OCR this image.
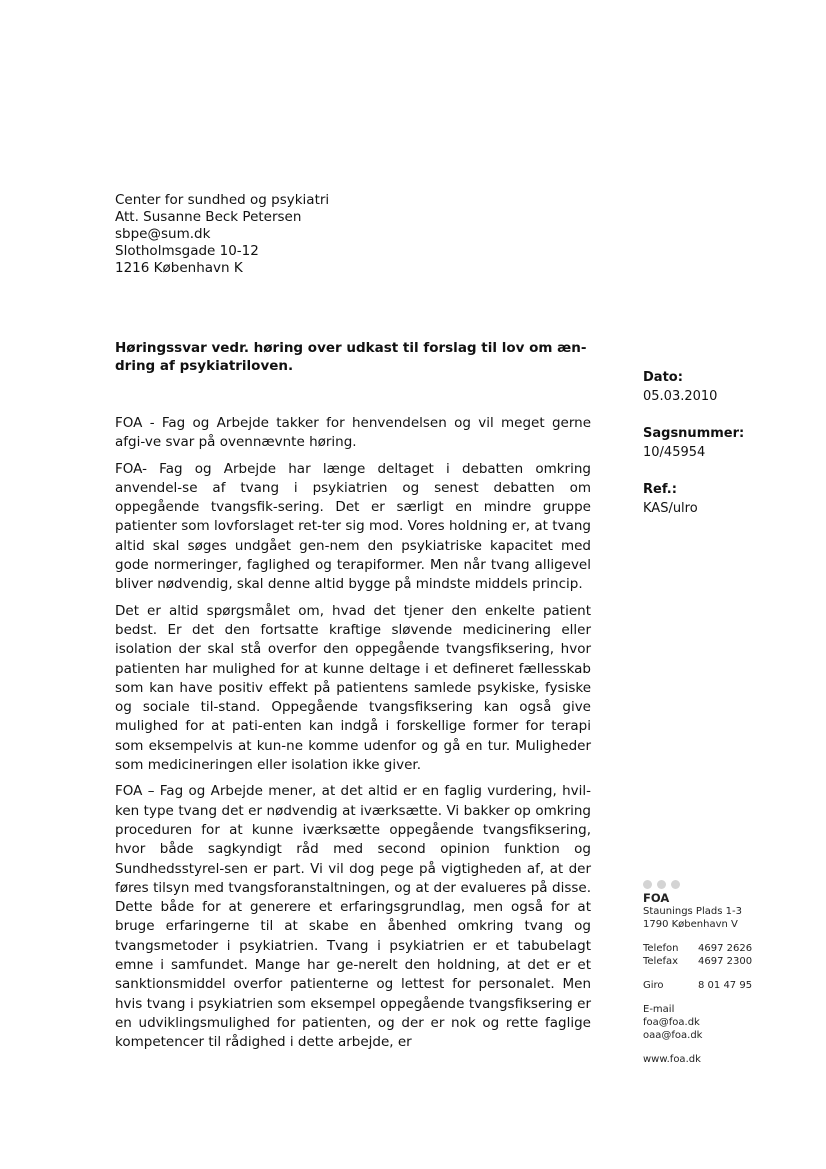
Center for sundhed og psykiatri
Att. Susanne Beck Petersen
sbpe@sum.dk
Slotholmsgade 10-12
1216 København K
Høringssvar vedr. høring over udkast til forslag til lov om æn-dring af psykiatriloven.

FOA - Fag og Arbejde takker for henvendelsen og vil meget gerne afgi-ve svar på ovennævnte høring.

FOA- Fag og Arbejde har længe deltaget i debatten omkring anvendel-se af tvang i psykiatrien og senest debatten om oppegående tvangsfik-sering. Det er særligt en mindre gruppe patienter som lovforslaget ret-ter sig mod. Vores holdning er, at tvang altid skal søges undgået gen-nem den psykiatriske kapacitet med gode normeringer, faglighed og terapiformer. Men når tvang alligevel bliver nødvendig, skal denne altid bygge på mindste middels princip.

Det er altid spørgsmålet om, hvad det tjener den enkelte patient bedst. Er det den fortsatte kraftige sløvende medicinering eller isolation der skal stå overfor den oppegående tvangsfiksering, hvor patienten har mulighed for at kunne deltage i et defineret fællesskab som kan have positiv effekt på patientens samlede psykiske, fysiske og sociale til-stand. Oppegående tvangsfiksering kan også give mulighed for at pati-enten kan indgå i forskellige former for terapi som eksempelvis at kun-ne komme udenfor og gå en tur. Muligheder som medicineringen eller isolation ikke giver.

FOA – Fag og Arbejde mener, at det altid er en faglig vurdering, hvil-ken type tvang det er nødvendig at iværksætte. Vi bakker op omkring proceduren for at kunne iværksætte oppegående tvangsfiksering, hvor både sagkyndigt råd med second opinion funktion og Sundhedsstyrel-sen er part. Vi vil dog pege på vigtigheden af, at der føres tilsyn med tvangsforanstaltningen, og at der evalueres på disse. Dette både for at generere et erfaringsgrundlag, men også for at bruge erfaringerne til at skabe en åbenhed omkring tvang og tvangsmetoder i psykiatrien. Tvang i psykiatrien er et tabubelagt emne i samfundet. Mange har ge-nerelt den holdning, at det er et sanktionsmiddel overfor patienterne og lettest for personalet. Men hvis tvang i psykiatrien som eksempel oppegående tvangsfiksering er en udviklingsmulighed for patienten, og der er nok og rette faglige kompetencer til rådighed i dette arbejde, er

Dato:
05.03.2010
Sagsnummer:
10/45954
Ref.:
KAS/ulro
FOA
Staunings Plads 1-3
1790 København V
Telefon	4697 2626
Telefax	4697 2300
Giro	8 01 47 95
E-mail
foa@foa.dk
oaa@foa.dk
www.foa.dk
